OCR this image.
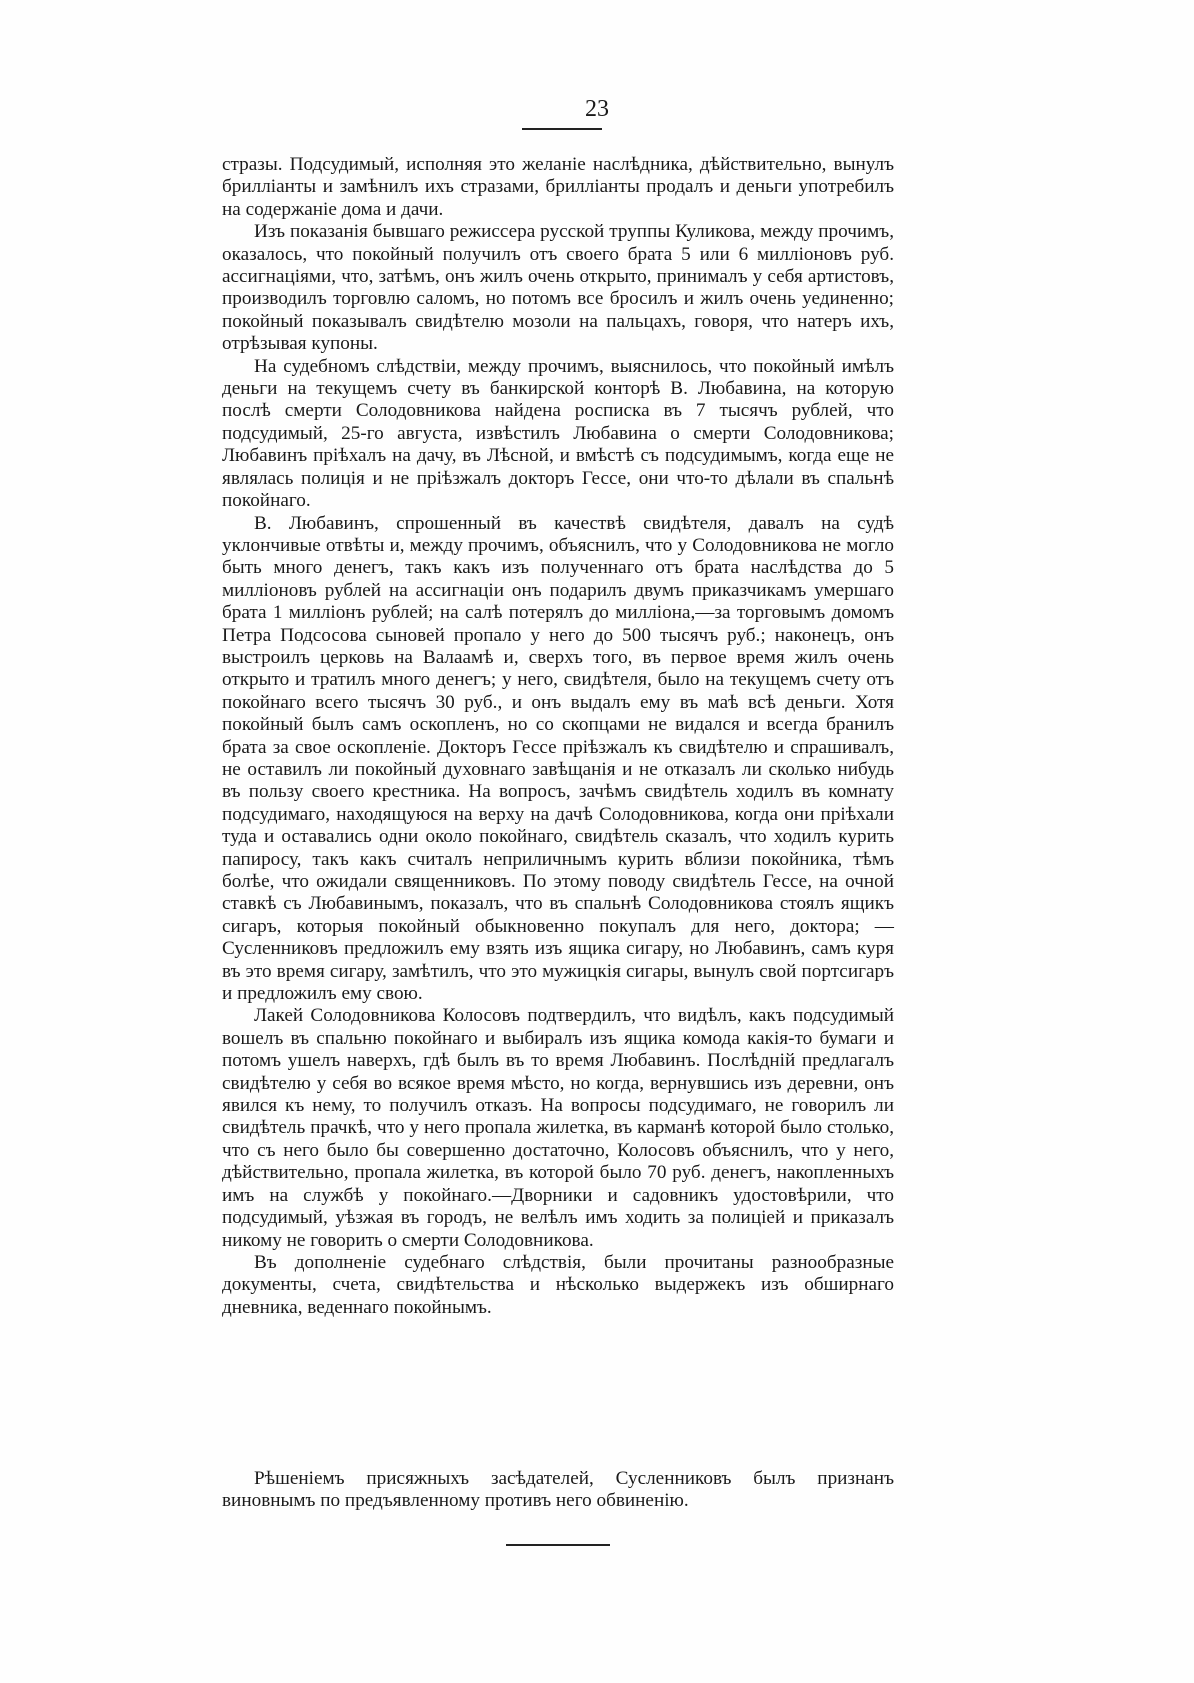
23

стразы. Подсудимый, исполняя это желаніе наслѣдника, дѣйствительно, вынулъ брилліанты и замѣнилъ ихъ стразами, брилліанты продалъ и деньги употребилъ на содержаніе дома и дачи.

Изъ показанія бывшаго режиссера русской труппы Куликова, между прочимъ, оказалось, что покойный получилъ отъ своего брата 5 или 6 милліоновъ руб. ассигнаціями, что, затѣмъ, онъ жилъ очень открыто, принималъ у себя артистовъ, производилъ торговлю саломъ, но потомъ все бросилъ и жилъ очень уединенно; покойный показывалъ свидѣтелю мозоли на пальцахъ, говоря, что натеръ ихъ, отрѣзывая купоны.

На судебномъ слѣдствіи, между прочимъ, выяснилось, что покойный имѣлъ деньги на текущемъ счету въ банкирской конторѣ В. Любавина, на которую послѣ смерти Солодовникова найдена росписка въ 7 тысячъ рублей, что подсудимый, 25-го августа, извѣстилъ Любавина о смерти Солодовникова; Любавинъ пріѣхалъ на дачу, въ Лѣсной, и вмѣстѣ съ подсудимымъ, когда еще не являлась полиція и не пріѣзжалъ докторъ Гессе, они что-то дѣлали въ спальнѣ покойнаго.

В. Любавинъ, спрошенный въ качествѣ свидѣтеля, давалъ на судѣ уклончивые отвѣты и, между прочимъ, объяснилъ, что у Солодовникова не могло быть много денегъ, такъ какъ изъ полученнаго отъ брата наслѣдства до 5 милліоновъ рублей на ассигнаціи онъ подарилъ двумъ приказчикамъ умершаго брата 1 милліонъ рублей; на салѣ потерялъ до милліона,—за торговымъ домомъ Петра Подсосова сыновей пропало у него до 500 тысячъ руб.; наконецъ, онъ выстроилъ церковь на Валаамѣ и, сверхъ того, въ первое время жилъ очень открыто и тратилъ много денегъ; у него, свидѣтеля, было на текущемъ счету отъ покойнаго всего тысячъ 30 руб., и онъ выдалъ ему въ маѣ всѣ деньги. Хотя покойный былъ самъ оскопленъ, но со скопцами не видался и всегда бранилъ брата за свое оскопленіе. Докторъ Гессе пріѣзжалъ къ свидѣтелю и спрашивалъ, не оставилъ ли покойный духовнаго завѣщанія и не отказалъ ли сколько нибудь въ пользу своего крестника. На вопросъ, зачѣмъ свидѣтель ходилъ въ комнату подсудимаго, находящуюся на верху на дачѣ Солодовникова, когда они пріѣхали туда и оставались одни около покойнаго, свидѣтель сказалъ, что ходилъ курить папиросу, такъ какъ считалъ неприличнымъ курить вблизи покойника, тѣмъ болѣе, что ожидали священниковъ. По этому поводу свидѣтель Гессе, на очной ставкѣ съ Любавинымъ, показалъ, что въ спальнѣ Солодовникова стоялъ ящикъ сигаръ, которыя покойный обыкновенно покупалъ для него, доктора; — Сусленниковъ предложилъ ему взять изъ ящика сигару, но Любавинъ, самъ куря въ это время сигару, замѣтилъ, что это мужицкія сигары, вынулъ свой портсигаръ и предложилъ ему свою.

Лакей Солодовникова Колосовъ подтвердилъ, что видѣлъ, какъ подсудимый вошелъ въ спальню покойнаго и выбиралъ изъ ящика комода какія-то бумаги и потомъ ушелъ наверхъ, гдѣ былъ въ то время Любавинъ. Послѣдній предлагалъ свидѣтелю у себя во всякое время мѣсто, но когда, вернувшись изъ деревни, онъ явился къ нему, то получилъ отказъ. На вопросы подсудимаго, не говорилъ ли свидѣтель прачкѣ, что у него пропала жилетка, въ карманѣ которой было столько, что съ него было бы совершенно достаточно, Колосовъ объяснилъ, что у него, дѣйствительно, пропала жилетка, въ которой было 70 руб. денегъ, накопленныхъ имъ на службѣ у покойнаго.—Дворники и садовникъ удостовѣрили, что подсудимый, уѣзжая въ городъ, не велѣлъ имъ ходить за полиціей и приказалъ никому не говорить о смерти Солодовникова.

Въ дополненіе судебнаго слѣдствія, были прочитаны разнообразные документы, счета, свидѣтельства и нѣсколько выдержекъ изъ обширнаго дневника, веденнаго покойнымъ.

Рѣшеніемъ присяжныхъ засѣдателей, Сусленниковъ былъ признанъ виновнымъ по предъявленному противъ него обвиненію.
